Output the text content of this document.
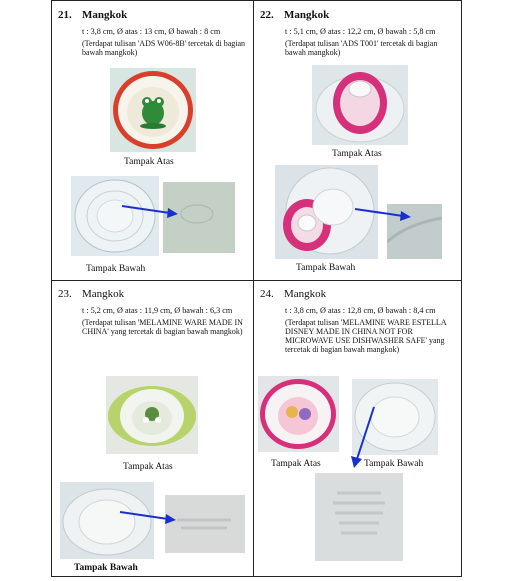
21. Mangkok
t : 3,8 cm, Ø atas : 13 cm, Ø bawah : 8 cm
(Terdapat tulisan 'ADS W06-8B' tercetak di bagian bawah mangkok)
Tampak Atas
Tampak Bawah
22. Mangkok
t : 5,1 cm, Ø atas : 12,2 cm, Ø bawah : 5,8 cm
(Terdapat tulisan 'ADS T001' tercetak di bagian bawah mangkok)
Tampak Atas
Tampak Bawah
23. Mangkok
t : 5,2 cm, Ø atas : 11,9 cm, Ø bawah : 6,3 cm
(Terdapat tulisan 'MELAMINE WARE MADE IN CHINA' yang tercetak di bagian bawah mangkok)
Tampak Atas
Tampak Bawah
24. Mangkok
t : 3,8 cm, Ø atas : 12,8 cm, Ø bawah : 8,4 cm
(Terdapat tulisan 'MELAMINE WARE ESTELLA DISNEY MADE IN CHINA NOT FOR MICROWAVE USE DISHWASHER SAFE' yang tercetak di bagian bawah mangkok)
Tampak Atas	Tampak Bawah
